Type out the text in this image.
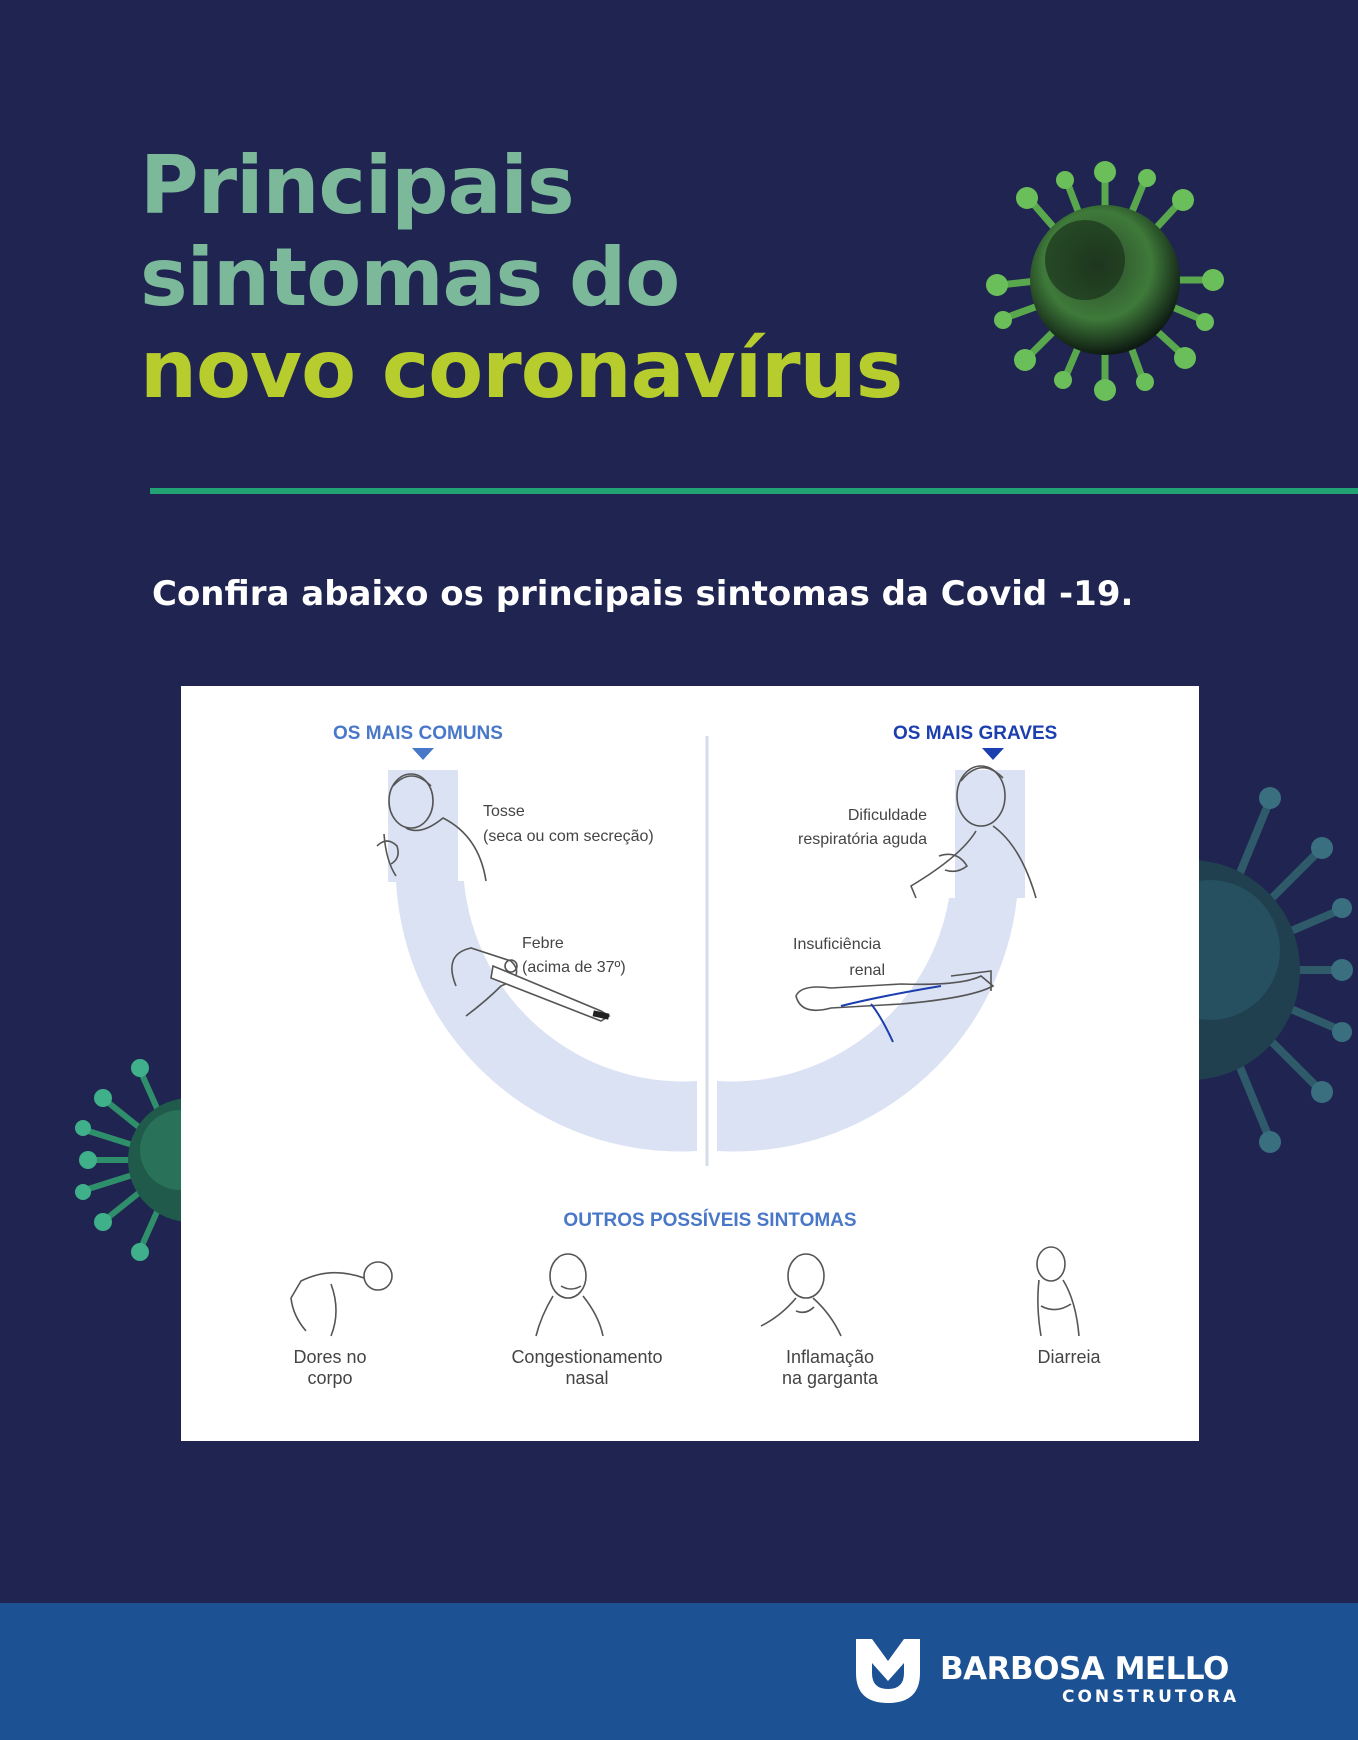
Principais
sintomas do
novo coronavírus
Confira abaixo os principais sintomas da Covid -19.
OS MAIS COMUNS	OS MAIS GRAVES
Tosse
(seca ou com secreção)
Febre
(acima de 37º)
Dificuldade
respiratória aguda
Insuficiência
renal
OUTROS POSSÍVEIS SINTOMAS
Dores no
corpo
Congestionamento
nasal
Inflamação
na garganta
Diarreia
BARBOSA MELLO
CONSTRUTORA
